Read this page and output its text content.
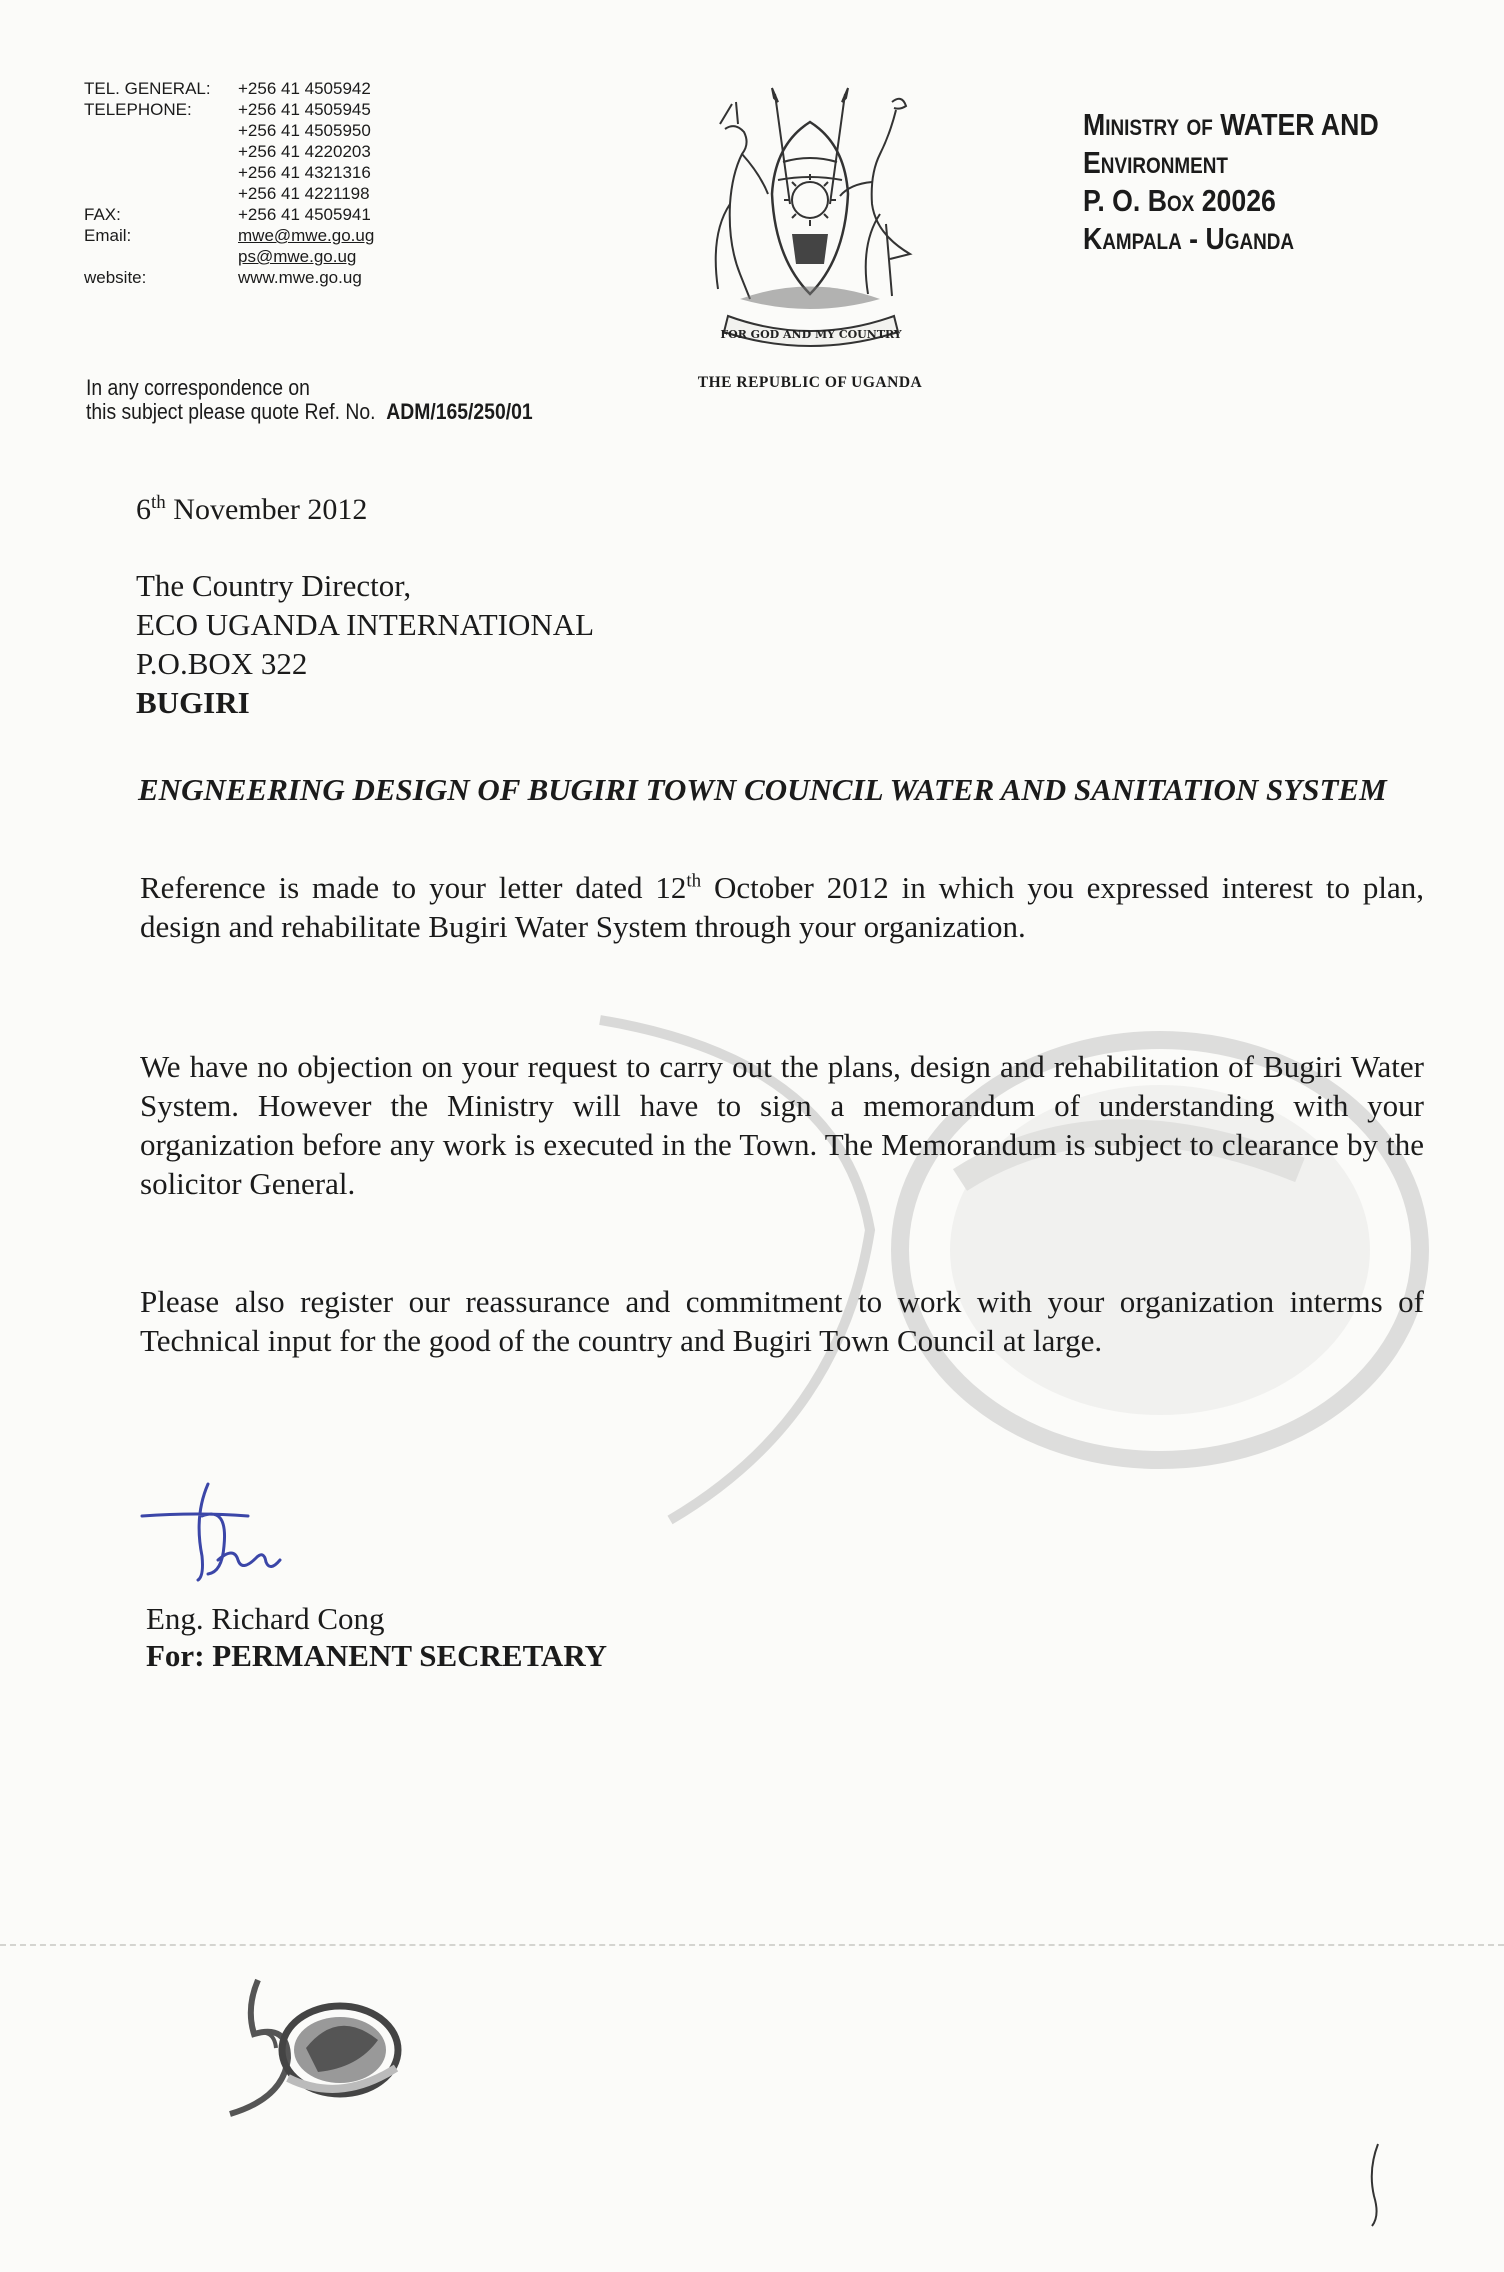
TEL. GENERAL:	+256 41 4505942
TELEPHONE:	+256 41 4505945
+256 41 4505950
+256 41 4220203
+256 41 4321316
+256 41 4221198
FAX:	+256 41 4505941
Email:	mwe@mwe.go.ug
ps@mwe.go.ug
website:	www.mwe.go.ug
In any correspondence on
this subject please quote Ref. No. ADM/165/250/01
FOR GOD AND MY COUNTRY
THE REPUBLIC OF UGANDA
Ministry of WATER AND
Environment
P. O. Box 20026
Kampala - Uganda
6th November 2012
The Country Director,
ECO UGANDA INTERNATIONAL
P.O.BOX 322
BUGIRI
ENGNEERING DESIGN OF BUGIRI TOWN COUNCIL WATER AND SANITATION SYSTEM
Reference is made to your letter dated 12th October 2012 in which you expressed interest to plan, design and rehabilitate Bugiri Water System through your organization.
We have no objection on your request to carry out the plans, design and rehabilitation of Bugiri Water System. However the Ministry will have to sign a memorandum of understanding with your organization before any work is executed in the Town. The Memorandum is subject to clearance by the solicitor General.
Please also register our reassurance and commitment to work with your organization interms of Technical input for the good of the country and Bugiri Town Council at large.
Eng. Richard Cong
For: PERMANENT SECRETARY
